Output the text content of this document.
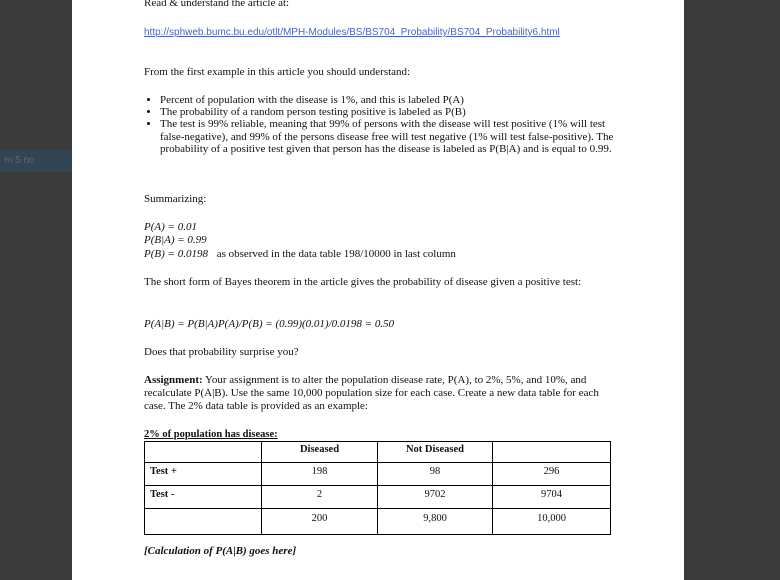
m 5 no
Read & understand the article at:
http://sphweb.bumc.bu.edu/otlt/MPH-Modules/BS/BS704_Probability/BS704_Probability6.html
From the first example in this article you should understand:
• Percent of population with the disease is 1%, and this is labeled P(A)
• The probability of a random person testing positive is labeled as P(B)
• The test is 99% reliable, meaning that 99% of persons with the disease will test positive (1% will test false-negative), and 99% of the persons disease free will test negative (1% will test false-positive). The probability of a positive test given that person has the disease is labeled as P(B|A) and is equal to 0.99.
Summarizing:
P(A) = 0.01
P(B|A) = 0.99
P(B) = 0.0198 as observed in the data table 198/10000 in last column
The short form of Bayes theorem in the article gives the probability of disease given a positive test:
P(A|B) = P(B|A)P(A)/P(B) = (0.99)(0.01)/0.0198 = 0.50
Does that probability surprise you?
Assignment: Your assignment is to alter the population disease rate, P(A), to 2%, 5%, and 10%, and recalculate P(A|B). Use the same 10,000 population size for each case. Create a new data table for each case. The 2% data table is provided as an example:
2% of population has disease:
	Diseased	Not Diseased	
Test +	198	98	296
Test -	2	9702	9704
	200	9,800	10,000
[Calculation of P(A|B) goes here]
